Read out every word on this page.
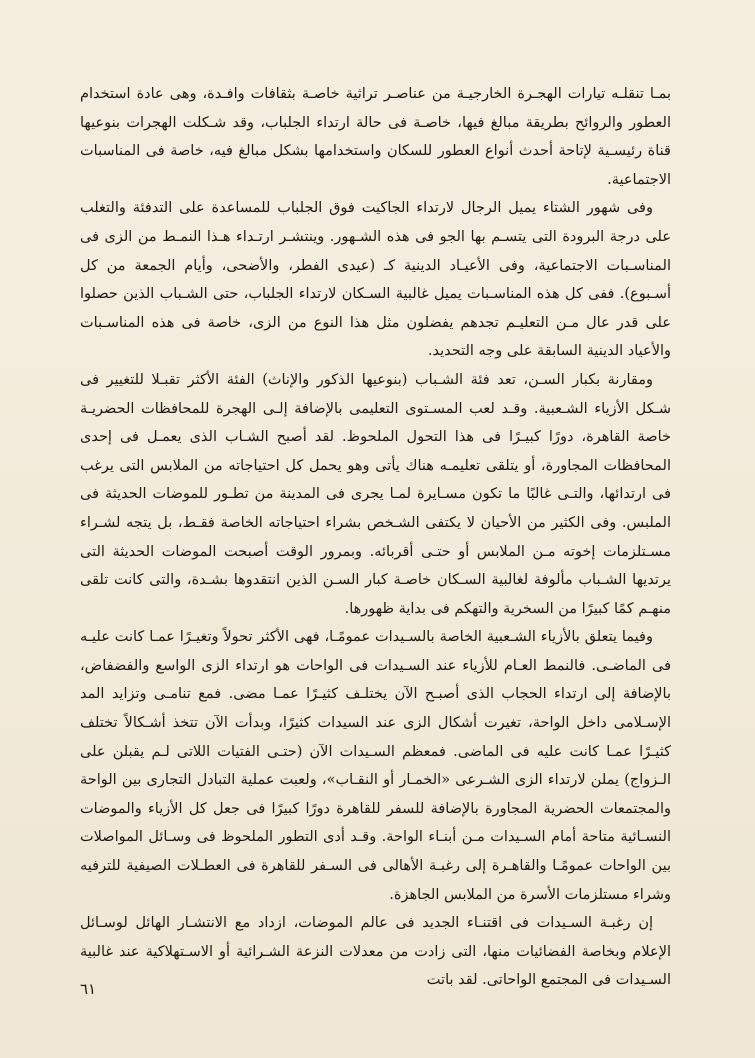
بمـا تنقلـه تيارات الهجـرة الخارجيـة من عناصـر تراثية خاصـة بثقافات وافـدة، وهى عادة استخدام العطور والروائح بطريقة مبالغ فيها، خاصـة فى حالة ارتداء الجلباب، وقد شـكلت الهجرات بنوعيها قناة رئيسـية لإتاحة أحدث أنواع العطور للسكان واستخدامها بشكل مبالغ فيه، خاصة فى المناسبات الاجتماعية.

وفى شهور الشتاء يميل الرجال لارتداء الجاكيت فوق الجلباب للمساعدة على التدفئة والتغلب على درجة البرودة التى يتسـم بها الجو فى هذه الشـهور. وينتشـر ارتـداء هـذا النمـط من الزى فى المناسـبات الاجتماعية، وفى الأعيـاد الدينية كـ (عيدى الفطر، والأضحى، وأيام الجمعة من كل أسـبوع). ففى كل هذه المناسـبات يميل غالبية السـكان لارتداء الجلباب، حتى الشـباب الذين حصلوا على قدر عال مـن التعليـم تجدهم يفضلون مثل هذا النوع من الزى، خاصة فى هذه المناسـبات والأعياد الدينية السابقة على وجه التحديد.

ومقارنة بكبار السـن، تعد فئة الشـباب (بنوعيها الذكور والإناث) الفئة الأكثر تقبـلا للتغيير فى شـكل الأزياء الشـعبية. وقـد لعب المسـتوى التعليمى بالإضافة إلـى الهجرة للمحافظات الحضريـة خاصة القاهرة، دورًا كبيـرًا فى هذا التحول الملحوظ. لقد أصبح الشـاب الذى يعمـل فى إحدى المحافظات المجاورة، أو يتلقى تعليمـه هناك يأتى وهو يحمل كل احتياجاته من الملابس التى يرغب فى ارتدائها، والتـى غالبًا ما تكون مسـايرة لمـا يجرى فى المدينة من تطـور للموضات الحديثة فى الملبس. وفى الكثير من الأحيان لا يكتفى الشـخص بشراء احتياجاته الخاصة فقـط، بل يتجه لشـراء مسـتلزمات إخوته مـن الملابس أو حتـى أقربائه. وبمرور الوقت أصبحت الموضات الحديثة التى يرتديها الشـباب مألوفة لغالبية السـكان خاصـة كبار السـن الذين انتقدوها بشـدة، والتى كانت تلقى منهـم كمًا كبيرًا من السخرية والتهكم فى بداية ظهورها.

وفيما يتعلق بالأزياء الشـعبية الخاصة بالسـيدات عمومًـا، فهى الأكثر تحولاً وتغيـرًا عمـا كانت عليـه فى الماضـى. فالنمط العـام للأزياء عند السـيدات فى الواحات هو ارتداء الزى الواسع والفضفاض، بالإضافة إلى ارتداء الحجاب الذى أصبـح الآن يختلـف كثيـرًا عمـا مضى. فمع تنامـى وتزايد المد الإسـلامى داخل الواحة، تغيرت أشكال الزى عند السيدات كثيرًا، وبدأت الآن تتخذ أشـكالاً تختلف كثيـرًا عمـا كانت عليه فى الماضى. فمعظم السـيدات الآن (حتـى الفتيات اللاتى لـم يقبلن على الـزواج) يملن لارتداء الزى الشـرعى «الخمـار أو النقـاب»، ولعبت عملية التبادل التجارى بين الواحة والمجتمعات الحضرية المجاورة بالإضافة للسفر للقاهرة دورًا كبيرًا فى جعل كل الأزياء والموضات النسـائية متاحة أمام السـيدات مـن أبنـاء الواحة. وقـد أدى التطور الملحوظ فى وسـائل المواصلات بين الواحات عمومًـا والقاهـرة إلى رغبـة الأهالى فى السـفر للقاهرة فى العطـلات الصيفية للترفيه وشراء مستلزمات الأسرة من الملابس الجاهزة.

إن رغبـة السـيدات فى اقتنـاء الجديد فى عالم الموضات، ازداد مع الانتشـار الهائل لوسـائل الإعلام وبخاصة الفضائيات منها، التى زادت من معدلات النزعة الشـرائية أو الاسـتهلاكية عند غالبية السـيدات فى المجتمع الواحاتى. لقد باتت

٦١
